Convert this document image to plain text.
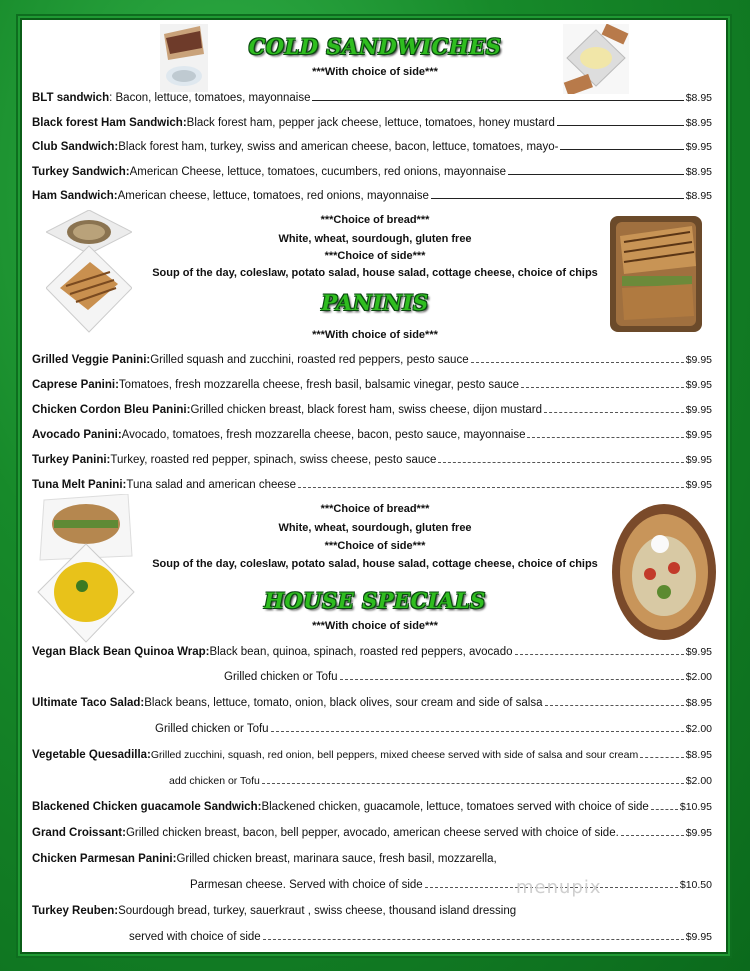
COLD SANDWICHES
***With choice of side***
BLT sandwich : Bacon, lettuce, tomatoes, mayonnaise	$8.95
Black forest Ham Sandwich: Black forest ham, pepper jack cheese, lettuce, tomatoes, honey mustard	$8.95
Club Sandwich: Black forest ham, turkey, swiss and american cheese, bacon, lettuce, tomatoes, mayo-	$9.95
Turkey Sandwich: American Cheese, lettuce, tomatoes, cucumbers, red onions, mayonnaise	$8.95
Ham Sandwich: American cheese, lettuce, tomatoes, red onions, mayonnaise	$8.95
***Choice of bread***
White, wheat, sourdough, gluten free
***Choice of side***
Soup of the day, coleslaw, potato salad, house salad, cottage cheese, choice of chips
PANINIS
***With choice of side***
Grilled Veggie Panini: Grilled squash and zucchini, roasted red peppers, pesto sauce	$9.95
Caprese Panini: Tomatoes, fresh mozzarella cheese, fresh basil, balsamic vinegar, pesto sauce	$9.95
Chicken Cordon Bleu Panini: Grilled chicken breast, black forest ham, swiss cheese, dijon mustard	$9.95
Avocado Panini: Avocado, tomatoes, fresh mozzarella cheese, bacon, pesto sauce, mayonnaise	$9.95
Turkey Panini: Turkey, roasted red pepper, spinach, swiss cheese, pesto sauce	$9.95
Tuna Melt Panini: Tuna salad and american cheese	$9.95
***Choice of bread***
White, wheat, sourdough, gluten free
***Choice of side***
Soup of the day, coleslaw, potato salad, house salad, cottage cheese, choice of chips
HOUSE SPECIALS
***With choice of side***
Vegan Black Bean Quinoa Wrap: Black bean, quinoa, spinach, roasted red peppers, avocado	$9.95
Grilled chicken or Tofu	$2.00
Ultimate Taco Salad: Black beans, lettuce, tomato, onion, black olives, sour cream and side of salsa	$8.95
Grilled chicken or Tofu	$2.00
Vegetable Quesadilla: Grilled zucchini, squash, red onion, bell peppers, mixed cheese served with side of salsa and sour cream	$8.95
add chicken or Tofu	$2.00
Blackened Chicken guacamole Sandwich: Blackened chicken, guacamole, lettuce, tomatoes served with choice of side	$10.95
Grand Croissant: Grilled chicken breast, bacon, bell pepper, avocado, american cheese served with choice of side.	$9.95
Chicken Parmesan Panini: Grilled chicken breast, marinara sauce, fresh basil, mozzarella,
Parmesan cheese. Served with choice of side	$10.50
Turkey Reuben: Sourdough bread, turkey, sauerkraut , swiss cheese, thousand island dressing
served with choice of side	$9.95
menupix
